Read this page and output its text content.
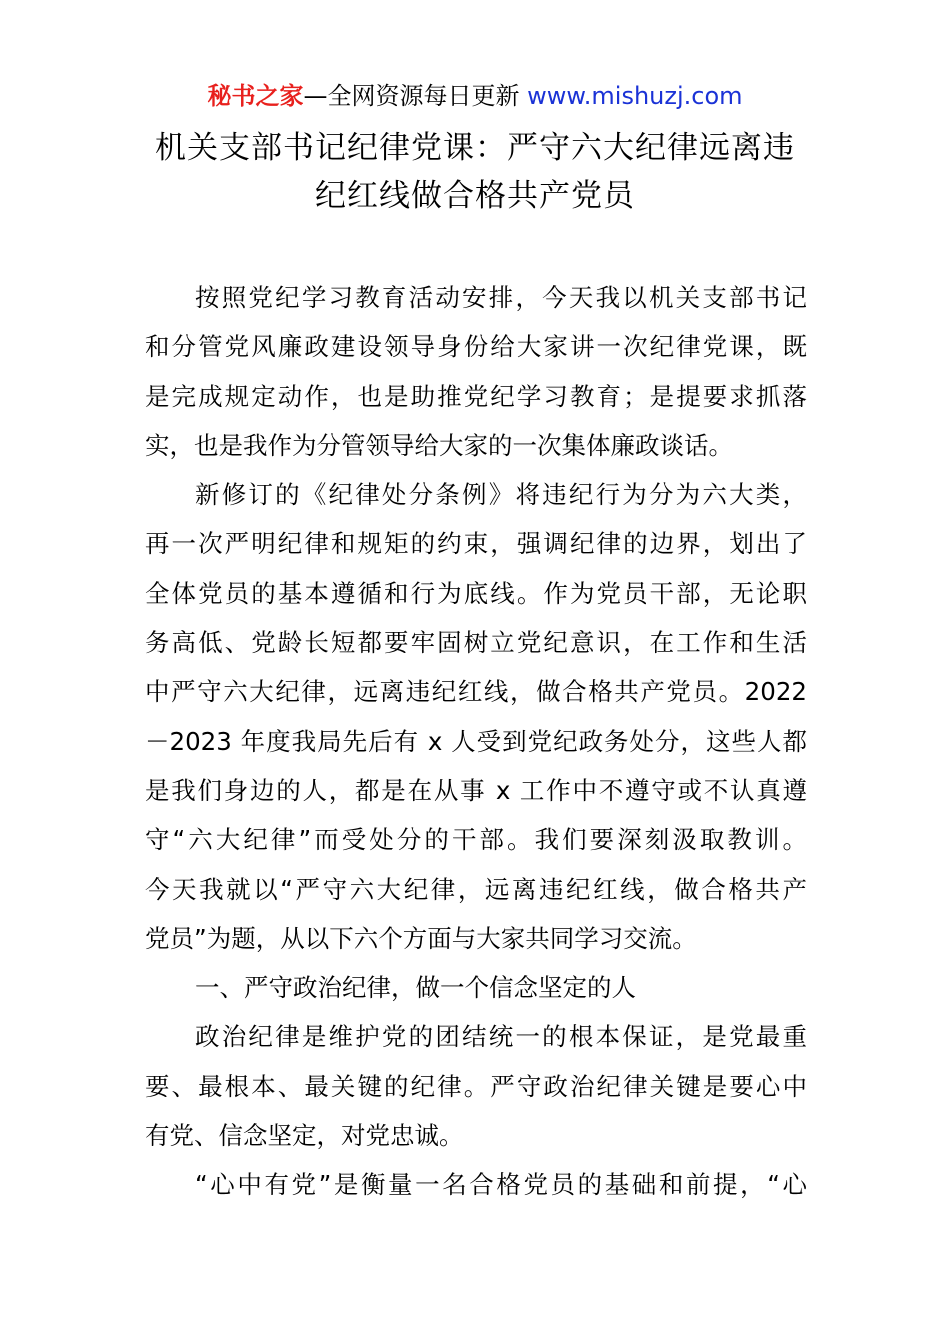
秘书之家—全网资源每日更新 www.mishuzj.com
机关支部书记纪律党课：严守六大纪律远离违
纪红线做合格共产党员

按照党纪学习教育活动安排，今天我以机关支部书记
和分管党风廉政建设领导身份给大家讲一次纪律党课，既
是完成规定动作，也是助推党纪学习教育；是提要求抓落
实，也是我作为分管领导给大家的一次集体廉政谈话。

新修订的《纪律处分条例》将违纪行为分为六大类，
再一次严明纪律和规矩的约束，强调纪律的边界，划出了
全体党员的基本遵循和行为底线。作为党员干部，无论职
务高低、党龄长短都要牢固树立党纪意识，在工作和生活
中严守六大纪律，远离违纪红线，做合格共产党员。2022
－2023 年度我局先后有 x 人受到党纪政务处分，这些人都
是我们身边的人，都是在从事 x 工作中不遵守或不认真遵
守“六大纪律”而受处分的干部。我们要深刻汲取教训。
今天我就以“严守六大纪律，远离违纪红线，做合格共产
党员”为题，从以下六个方面与大家共同学习交流。

一、严守政治纪律，做一个信念坚定的人

政治纪律是维护党的团结统一的根本保证，是党最重
要、最根本、最关键的纪律。严守政治纪律关键是要心中
有党、信念坚定，对党忠诚。

“心中有党”是衡量一名合格党员的基础和前提，“心
